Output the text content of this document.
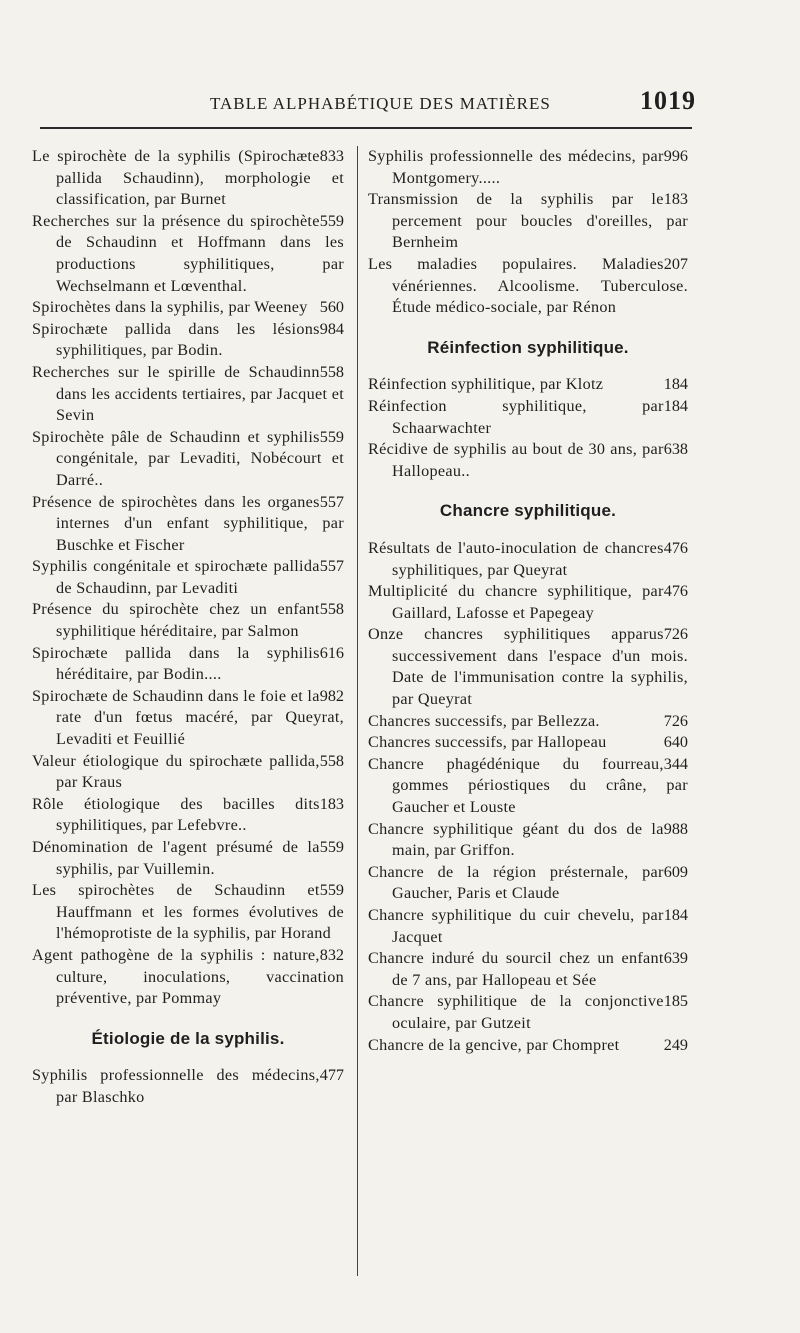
TABLE ALPHABÉTIQUE DES MATIÈRES	1019
833
Le spirochète de la syphilis (Spirochæte pallida Schaudinn), morphologie et classification, par Burnet
559
Recherches sur la présence du spirochète de Schaudinn et Hoffmann dans les productions syphilitiques, par Wechselmann et Lœventhal.
560
Spirochètes dans la syphilis, par Weeney
984
Spirochæte pallida dans les lésions syphilitiques, par Bodin.
558
Recherches sur le spirille de Schaudinn dans les accidents tertiaires, par Jacquet et Sevin
559
Spirochète pâle de Schaudinn et syphilis congénitale, par Levaditi, Nobécourt et Darré..
557
Présence de spirochètes dans les organes internes d'un enfant syphilitique, par Buschke et Fischer
557
Syphilis congénitale et spirochæte pallida de Schaudinn, par Levaditi
558
Présence du spirochète chez un enfant syphilitique héréditaire, par Salmon
616
Spirochæte pallida dans la syphilis héréditaire, par Bodin....
982
Spirochæte de Schaudinn dans le foie et la rate d'un fœtus macéré, par Queyrat, Levaditi et Feuillié
558
Valeur étiologique du spirochæte pallida, par Kraus
183
Rôle étiologique des bacilles dits syphilitiques, par Lefebvre..
559
Dénomination de l'agent présumé de la syphilis, par Vuillemin.
559
Les spirochètes de Schaudinn et Hauffmann et les formes évolutives de l'hémoprotiste de la syphilis, par Horand
832
Agent pathogène de la syphilis : nature, culture, inoculations, vaccination préventive, par Pommay
Étiologie de la syphilis.
477
Syphilis professionnelle des médecins, par Blaschko
996
Syphilis professionnelle des médecins, par Montgomery.....
183
Transmission de la syphilis par le percement pour boucles d'oreilles, par Bernheim
207
Les maladies populaires. Maladies vénériennes. Alcoolisme. Tuberculose. Étude médico-sociale, par Rénon
Réinfection syphilitique.
184
Réinfection syphilitique, par Klotz
184
Réinfection syphilitique, par Schaarwachter
638
Récidive de syphilis au bout de 30 ans, par Hallopeau..
Chancre syphilitique.
476
Résultats de l'auto-inoculation de chancres syphilitiques, par Queyrat
476
Multiplicité du chancre syphilitique, par Gaillard, Lafosse et Papegeay
726
Onze chancres syphilitiques apparus successivement dans l'espace d'un mois. Date de l'immunisation contre la syphilis, par Queyrat
726
Chancres successifs, par Bellezza.
640
Chancres successifs, par Hallopeau
344
Chancre phagédénique du fourreau, gommes périostiques du crâne, par Gaucher et Louste
988
Chancre syphilitique géant du dos de la main, par Griffon.
609
Chancre de la région présternale, par Gaucher, Paris et Claude
184
Chancre syphilitique du cuir chevelu, par Jacquet
639
Chancre induré du sourcil chez un enfant de 7 ans, par Hallopeau et Sée
185
Chancre syphilitique de la conjonctive oculaire, par Gutzeit
249
Chancre de la gencive, par Chompret
